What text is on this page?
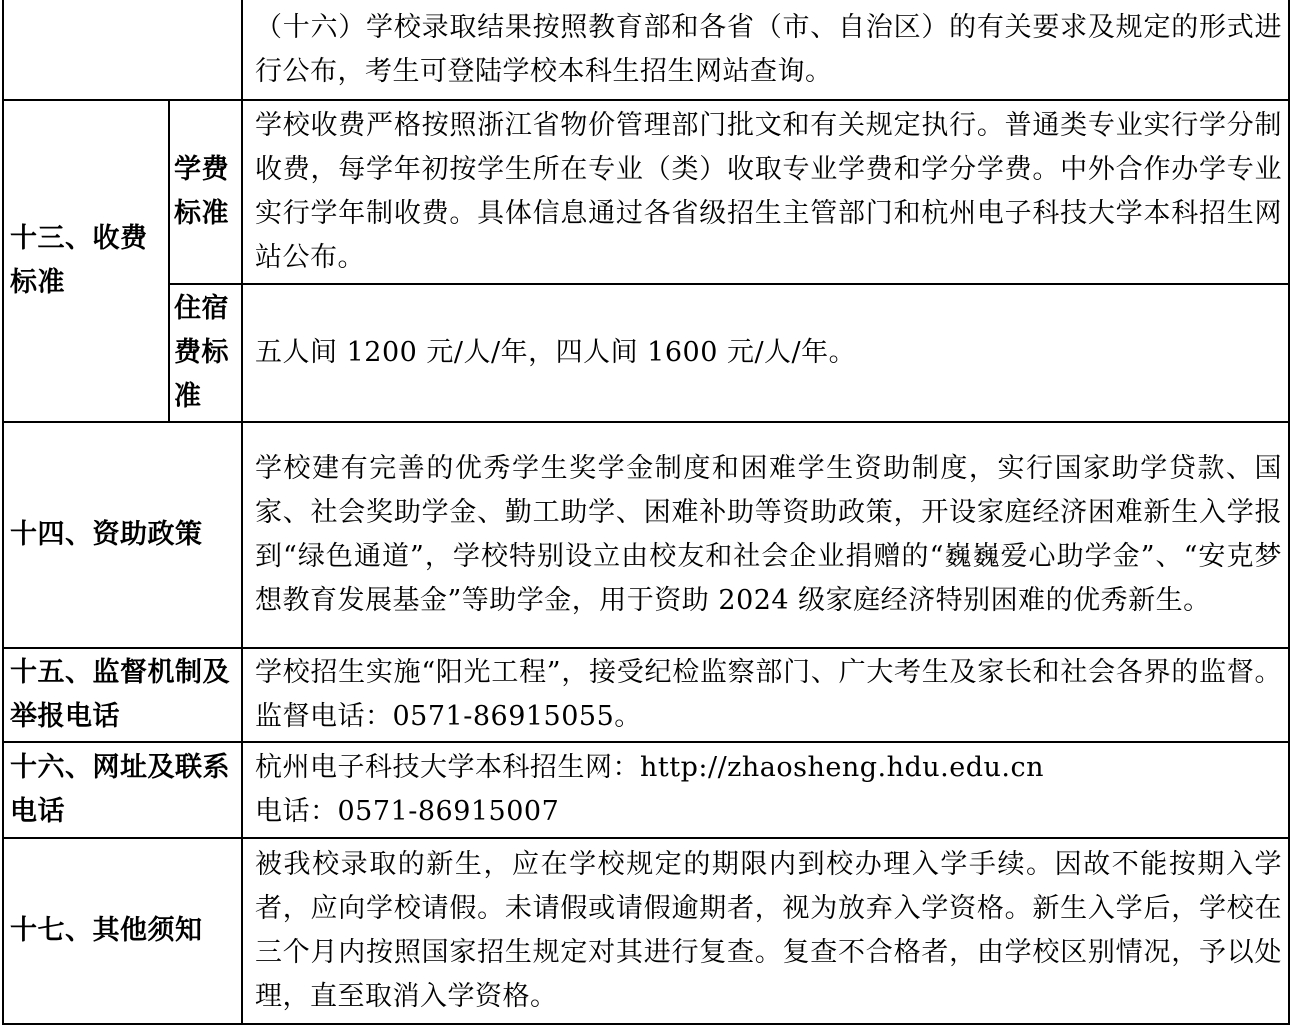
		（十六）学校录取结果按照教育部和各省（市、自治区）的有关要求及规定的形式进行公布，考生可登陆学校本科生招生网站查询。
十三、收费标准	学费标准	学校收费严格按照浙江省物价管理部门批文和有关规定执行。普通类专业实行学分制收费，每学年初按学生所在专业（类）收取专业学费和学分学费。中外合作办学专业实行学年制收费。具体信息通过各省级招生主管部门和杭州电子科技大学本科招生网站公布。
	住宿费标准	五人间 1200 元/人/年，四人间 1600 元/人/年。
十四、资助政策		学校建有完善的优秀学生奖学金制度和困难学生资助制度，实行国家助学贷款、国家、社会奖助学金、勤工助学、困难补助等资助政策，开设家庭经济困难新生入学报到“绿色通道”，学校特别设立由校友和社会企业捐赠的“巍巍爱心助学金”、“安克梦想教育发展基金”等助学金，用于资助 2024 级家庭经济特别困难的优秀新生。
十五、监督机制及举报电话		学校招生实施“阳光工程”，接受纪检监察部门、广大考生及家长和社会各界的监督。监督电话：0571-86915055。
十六、网址及联系电话		杭州电子科技大学本科招生网：http://zhaosheng.hdu.edu.cn
电话：0571-86915007

十七、其他须知		被我校录取的新生，应在学校规定的期限内到校办理入学手续。因故不能按期入学者，应向学校请假。未请假或请假逾期者，视为放弃入学资格。新生入学后，学校在三个月内按照国家招生规定对其进行复查。复查不合格者，由学校区别情况，予以处理，直至取消入学资格。
